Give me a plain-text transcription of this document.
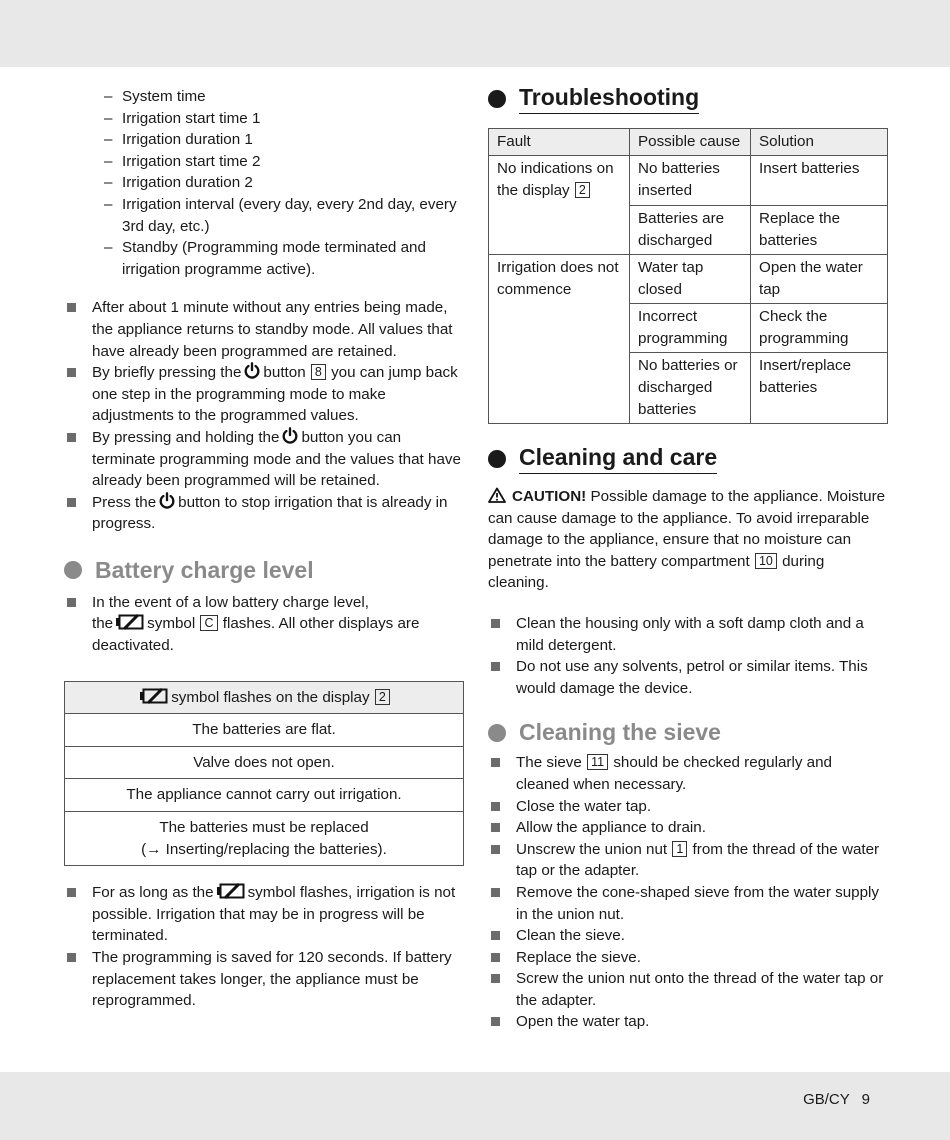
– System time
– Irrigation start time 1
– Irrigation duration 1
– Irrigation start time 2
– Irrigation duration 2
– Irrigation interval (every day, every 2nd day, every 3rd day, etc.)
– Standby (Programming mode terminated and irrigation programme active).
After about 1 minute without any entries being made, the appliance returns to standby mode. All values that have already been programmed are retained.
By briefly pressing the button 8 you can jump back one step in the programming mode to make adjustments to the programmed values.
By pressing and holding the button you can terminate programming mode and the values that have already been programmed will be retained.
Press the button to stop irrigation that is already in progress.
Battery charge level
In the event of a low battery charge level,
the symbol C flashes. All other displays are deactivated.
symbol flashes on the display 2
The batteries are flat.
Valve does not open.
The appliance cannot carry out irrigation.
The batteries must be replaced
(→ Inserting/replacing the batteries).
For as long as the symbol flashes, irrigation is not possible. Irrigation that may be in progress will be terminated.
The programming is saved for 120 seconds. If battery replacement takes longer, the appliance must be reprogrammed.
Troubleshooting
Fault	Possible cause	Solution
No indications on the display 2	No batteries inserted	Insert batteries
	Batteries are discharged	Replace the batteries
Irrigation does not commence	Water tap closed	Open the water tap
	Incorrect programming	Check the programming
	No batteries or discharged batteries	Insert/replace batteries
Cleaning and care

CAUTION! Possible damage to the appliance. Moisture can cause damage to the appliance. To avoid irreparable damage to the appliance, ensure that no moisture can penetrate into the battery compartment 10 during cleaning.

Clean the housing only with a soft damp cloth and a mild detergent.
Do not use any solvents, petrol or similar items. This would damage the device.
Cleaning the sieve
The sieve 11 should be checked regularly and cleaned when necessary.
Close the water tap.
Allow the appliance to drain.
Unscrew the union nut 1 from the thread of the water tap or the adapter.
Remove the cone-shaped sieve from the water supply in the union nut.
Clean the sieve.
Replace the sieve.
Screw the union nut onto the thread of the water tap or the adapter.
Open the water tap.
GB/CY 9
